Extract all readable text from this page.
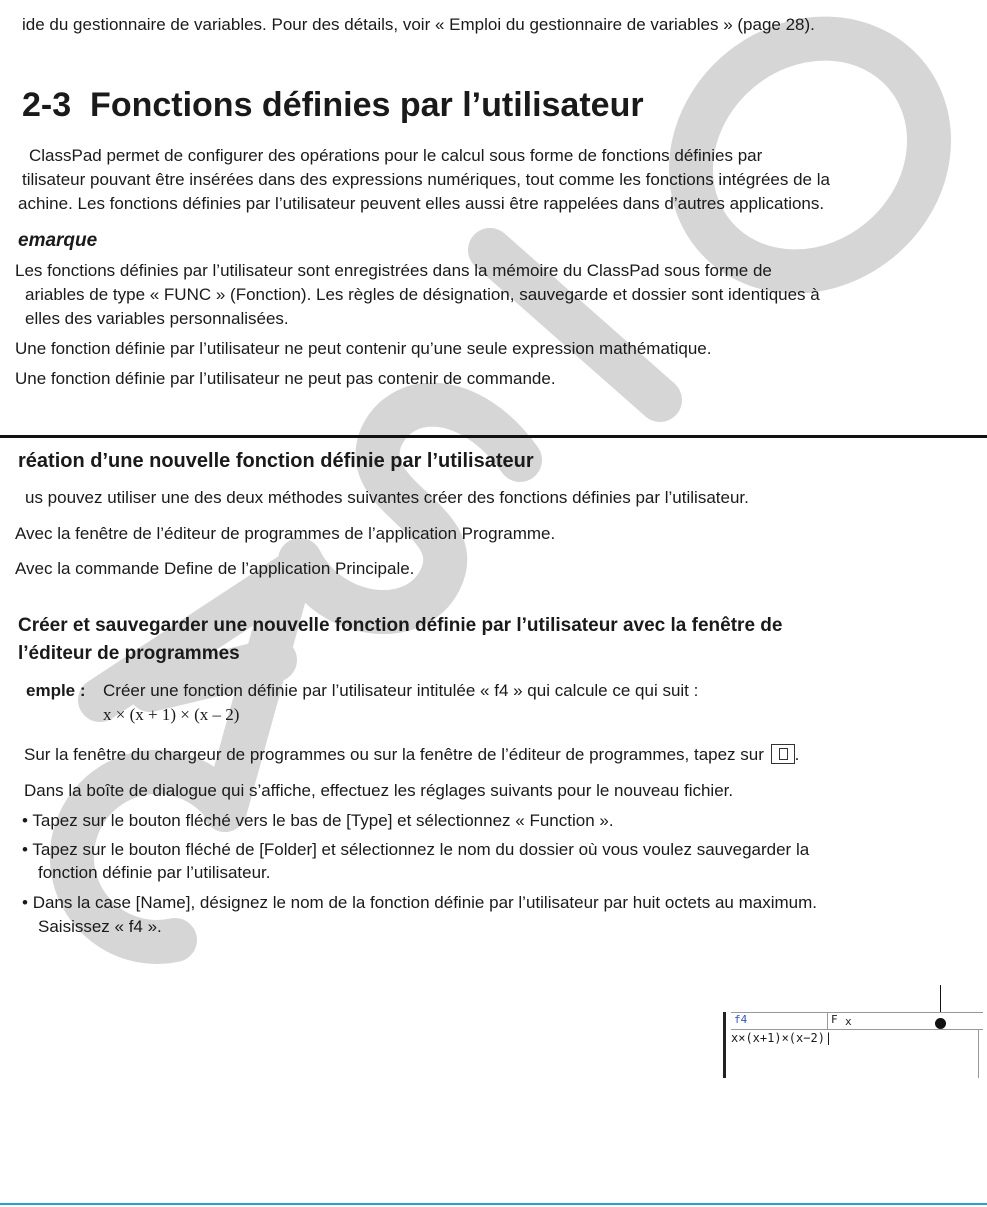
ide du gestionnaire de variables. Pour des détails, voir « Emploi du gestionnaire de variables » (page 28).
2-3 Fonctions définies par l’utilisateur
ClassPad permet de configurer des opérations pour le calcul sous forme de fonctions définies par
tilisateur pouvant être insérées dans des expressions numériques, tout comme les fonctions intégrées de la
achine. Les fonctions définies par l’utilisateur peuvent elles aussi être rappelées dans d’autres applications.
emarque
Les fonctions définies par l’utilisateur sont enregistrées dans la mémoire du ClassPad sous forme de
ariables de type « FUNC » (Fonction). Les règles de désignation, sauvegarde et dossier sont identiques à
elles des variables personnalisées.
Une fonction définie par l’utilisateur ne peut contenir qu’une seule expression mathématique.
Une fonction définie par l’utilisateur ne peut pas contenir de commande.
réation d’une nouvelle fonction définie par l’utilisateur
us pouvez utiliser une des deux méthodes suivantes créer des fonctions définies par l’utilisateur.
Avec la fenêtre de l’éditeur de programmes de l’application Programme.
Avec la commande Define de l’application Principale.
Créer et sauvegarder une nouvelle fonction définie par l’utilisateur avec la fenêtre de
l’éditeur de programmes
emple : Créer une fonction définie par l’utilisateur intitulée « f4 » qui calcule ce qui suit :
x × (x + 1) × (x – 2)
Sur la fenêtre du chargeur de programmes ou sur la fenêtre de l’éditeur de programmes, tapez sur .
Dans la boîte de dialogue qui s’affiche, effectuez les réglages suivants pour le nouveau fichier.
• Tapez sur le bouton fléché vers le bas de [Type] et sélectionnez « Function ».
• Tapez sur le bouton fléché de [Folder] et sélectionnez le nom du dossier où vous voulez sauvegarder la
fonction définie par l’utilisateur.
• Dans la case [Name], désignez le nom de la fonction définie par l’utilisateur par huit octets au maximum.
Saisissez « f4 ».
f4	F x
x×(x+1)×(x−2)|
